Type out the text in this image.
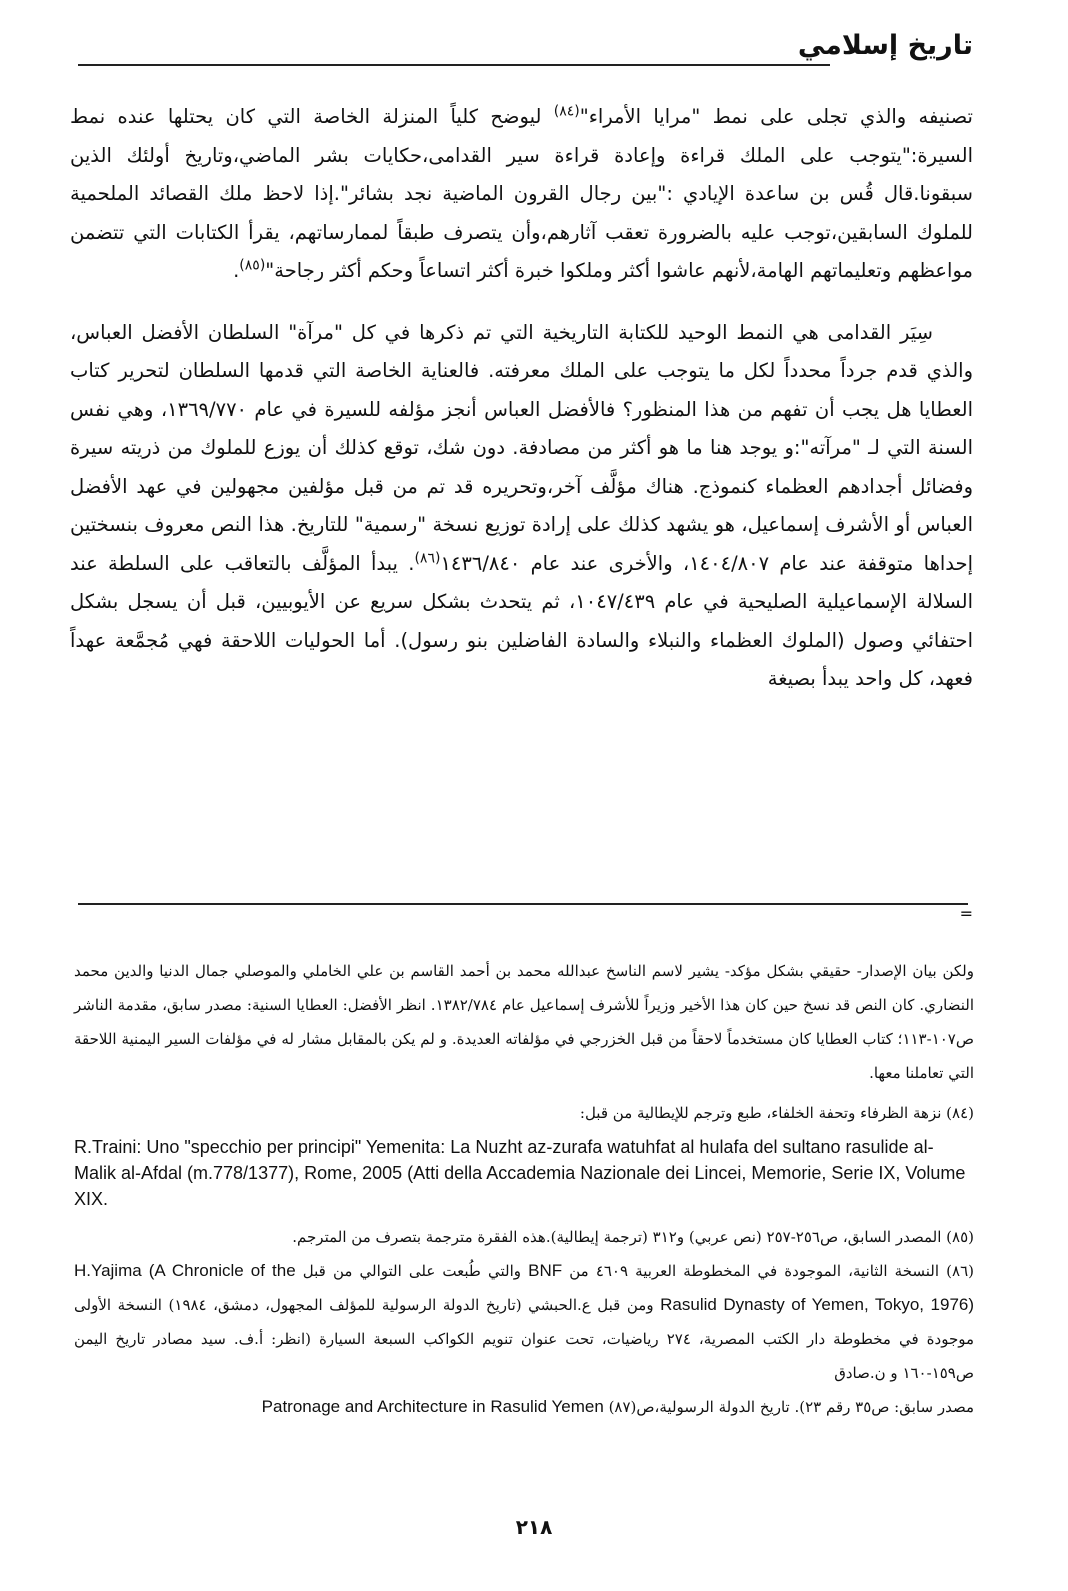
تاريخ إسلامي

تصنيفه والذي تجلى على نمط "مرايا الأمراء"$^{(٨٤)}$ ليوضح كلياً المنزلة الخاصة التي كان يحتلها عنده نمط السيرة:"يتوجب على الملك قراءة وإعادة قراءة سير القدامى،حكايات بشر الماضي،وتاريخ أولئك الذين سبقونا.قال قُس بن ساعدة الإيادي :"بين رجال القرون الماضية نجد بشائر".إذا لاحظ ملك القصائد الملحمية للملوك السابقين،توجب عليه بالضرورة تعقب آثارهم،وأن يتصرف طبقاً لممارساتهم، يقرأ الكتابات التي تتضمن مواعظهم وتعليماتهم الهامة،لأنهم عاشوا أكثر وملكوا خبرة أكثر اتساعاً وحكم أكثر رجاحة"$^{(٨٥)}$.

سِيَر القدامى هي النمط الوحيد للكتابة التاريخية التي تم ذكرها في كل "مرآة" السلطان الأفضل العباس، والذي قدم جرداً محدداً لكل ما يتوجب على الملك معرفته. فالعناية الخاصة التي قدمها السلطان لتحرير كتاب العطايا هل يجب أن تفهم من هذا المنظور؟ فالأفضل العباس أنجز مؤلفه للسيرة في عام ١٣٦٩/٧٧٠، وهي نفس السنة التي لـ "مرآته":و يوجد هنا ما هو أكثر من مصادفة. دون شك، توقع كذلك أن يوزع للملوك من ذريته سيرة وفضائل أجدادهم العظماء كنموذج. هناك مؤلَّف آخر،وتحريره قد تم من قبل مؤلفين مجهولين في عهد الأفضل العباس أو الأشرف إسماعيل، هو يشهد كذلك على إرادة توزيع نسخة "رسمية" للتاريخ. هذا النص معروف بنسختين إحداها متوقفة عند عام ١٤٠٤/٨٠٧، والأخرى عند عام ١٤٣٦/٨٤٠$^{(٨٦)}$. يبدأ المؤلَّف بالتعاقب على السلطة عند السلالة الإسماعيلية الصليحية في عام ١٠٤٧/٤٣٩، ثم يتحدث بشكل سريع عن الأيوبيين، قبل أن يسجل بشكل احتفائي وصول (الملوك العظماء والنبلاء والسادة الفاضلين بنو رسول). أما الحوليات اللاحقة فهي مُجمَّعة عهداً فعهد، كل واحد يبدأ بصيغة

=

ولكن بيان الإصدار- حقيقي بشكل مؤكد- يشير لاسم الناسخ عبدالله محمد بن أحمد القاسم بن علي الخاملي والموصلي جمال الدنيا والدين محمد النضاري. كان النص قد نسخ حين كان هذا الأخير وزيراً للأشرف إسماعيل عام ١٣٨٢/٧٨٤. انظر الأفضل: العطايا السنية: مصدر سابق، مقدمة الناشر ص١٠٧-١١٣؛ كتاب العطايا كان مستخدماً لاحقاً من قبل الخزرجي في مؤلفاته العديدة. و لم يكن بالمقابل مشار له في مؤلفات السير اليمنية اللاحقة التي تعاملنا معها.

(٨٤) نزهة الظرفاء وتحفة الخلفاء، طبع وترجم للإيطالية من قبل:

R.Traini: Uno "specchio per principi" Yemenita: La Nuzht az-zurafa watuhfat al hulafa del sultano rasulide al-Malik al-Afdal (m.778/1377), Rome, 2005 (Atti della Accademia Nazionale dei Lincei, Memorie, Serie IX, Volume XIX.

(٨٥) المصدر السابق، ص٢٥٦-٢٥٧ (نص عربي) و٣١٢ (ترجمة إيطالية).هذه الفقرة مترجمة بتصرف من المترجم.

(٨٦) النسخة الثانية، الموجودة في المخطوطة العربية ٤٦٠٩ من BNF والتي طُبعت على التوالي من قبل H.Yajima (A Chronicle of the Rasulid Dynasty of Yemen, Tokyo, 1976) ومن قبل ع.الحبشي (تاريخ الدولة الرسولية للمؤلف المجهول، دمشق، ١٩٨٤) النسخة الأولى موجودة في مخطوطة دار الكتب المصرية، ٢٧٤ رياضيات، تحت عنوان تنويم الكواكب السبعة السيارة (انظر: أ.ف. سيد مصادر تاريخ اليمن ص١٥٩-١٦٠ و ن.صادق

مصدر سابق: ص٣٥ رقم ٢٣). تاريخ الدولة الرسولية،ص(٨٧) Patronage and Architecture in Rasulid Yemen

٢١٨
